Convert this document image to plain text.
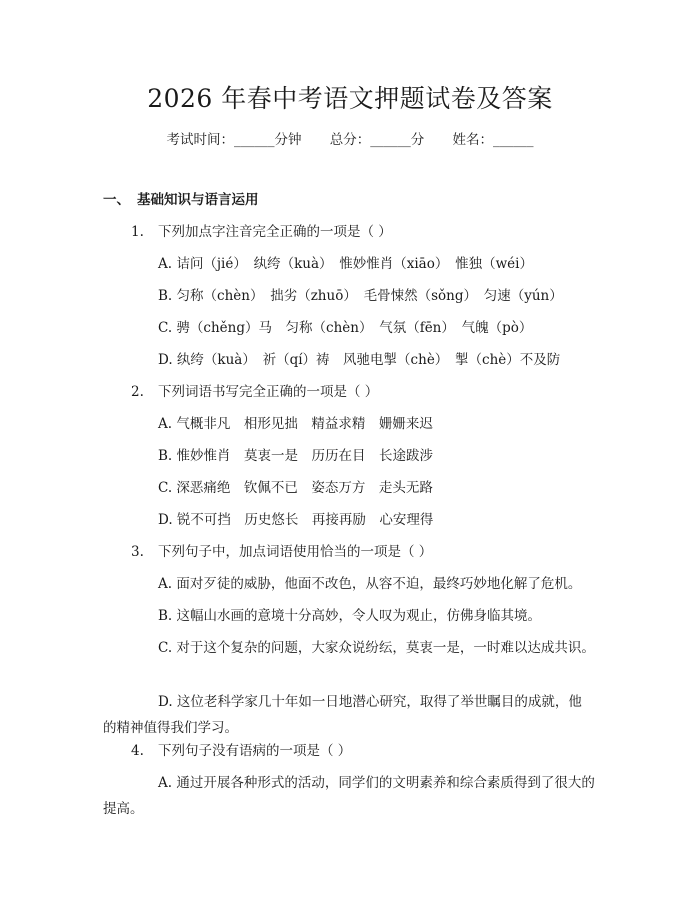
2026 年春中考语文押题试卷及答案
考试时间：______分钟 总分：______分 姓名：______
一、 基础知识与语言运用
1. 下列加点字注音完全正确的一项是（ ）
A. 诘问（jié）　纨绔（kuà）　惟妙惟肖（xiāo）　惟独（wéi）
B. 匀称（chèn）　拙劣（zhuō）　毛骨悚然（sǒng）　匀速（yún）
C. 骋（chěng）马　匀称（chèn）　气氛（fēn）　气魄（pò）
D. 纨绔（kuà）　祈（qí）祷　风驰电掣（chè）　掣（chè）不及防
2. 下列词语书写完全正确的一项是（ ）
A. 气概非凡　相形见拙　精益求精　姗姗来迟
B. 惟妙惟肖　莫衷一是　历历在目　长途跋涉
C. 深恶痛绝　钦佩不已　姿态万方　走头无路
D. 锐不可挡　历史悠长　再接再励　心安理得
3. 下列句子中，加点词语使用恰当的一项是（ ）
A. 面对歹徒的威胁，他面不改色，从容不迫，最终巧妙地化解了危机。
B. 这幅山水画的意境十分高妙，令人叹为观止，仿佛身临其境。
C. 对于这个复杂的问题，大家众说纷纭，莫衷一是，一时难以达成共识。
D. 这位老科学家几十年如一日地潜心研究，取得了举世瞩目的成就，他的精神值得我们学习。
4. 下列句子没有语病的一项是（ ）
A. 通过开展各种形式的活动，同学们的文明素养和综合素质得到了很大的提高。
